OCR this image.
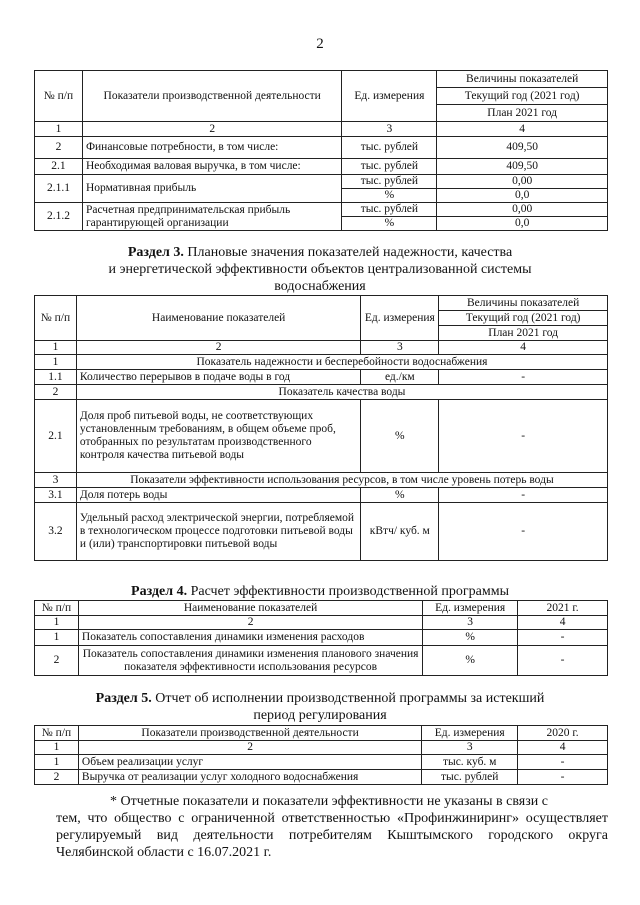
2
№ п/п	Показатели производственной деятельности	Ед. измерения	Величины показателей
			Текущий год (2021 год)
			План 2021 год
1	2	3	4
2	Финансовые потребности, в том числе:	тыс. рублей	409,50
2.1	Необходимая валовая выручка, в том числе:	тыс. рублей	409,50
2.1.1	Нормативная прибыль	тыс. рублей	0,00
		%	0,0
2.1.2	Расчетная предпринимательская прибыль гарантирующей организации	тыс. рублей	0,00
		%	0,0
Раздел 3. Плановые значения показателей надежности, качества
и энергетической эффективности объектов централизованной системы
водоснабжения
№ п/п	Наименование показателей	Ед. измерения	Величины показателей
			Текущий год (2021 год)
			План 2021 год
1	2	3	4
1	Показатель надежности и бесперебойности водоснабжения		
1.1	Количество перерывов в подаче воды в год	ед./км	-
2	Показатель качества воды		
2.1	Доля проб питьевой воды, не соответствующих установленным требованиям, в общем объеме проб, отобранных по результатам производственного контроля качества питьевой воды	%	-
3	Показатели эффективности использования ресурсов, в том числе уровень потерь воды		
3.1	Доля потерь воды	%	-
3.2	Удельный расход электрической энергии, потребляемой в технологическом процессе подготовки питьевой воды и (или) транспортировки питьевой воды	кВтч/ куб. м	-
Раздел 4. Расчет эффективности производственной программы
№ п/п	Наименование показателей	Ед. измерения	2021 г.
1	2	3	4
1	Показатель сопоставления динамики изменения расходов	%	-
2	Показатель сопоставления динамики изменения планового значения показателя эффективности использования ресурсов	%	-
Раздел 5. Отчет об исполнении производственной программы за истекший
период регулирования
№ п/п	Показатели производственной деятельности	Ед. измерения	2020 г.
1	2	3	4
1	Объем реализации услуг	тыс. куб. м	-
2	Выручка от реализации услуг холодного водоснабжения	тыс. рублей	-
* Отчетные показатели и показатели эффективности не указаны в связи с
тем, что общество с ограниченной ответственностью «Профинжиниринг» осуществляет регулируемый вид деятельности потребителям Кыштымского городского округа Челябинской области с 16.07.2021 г.
